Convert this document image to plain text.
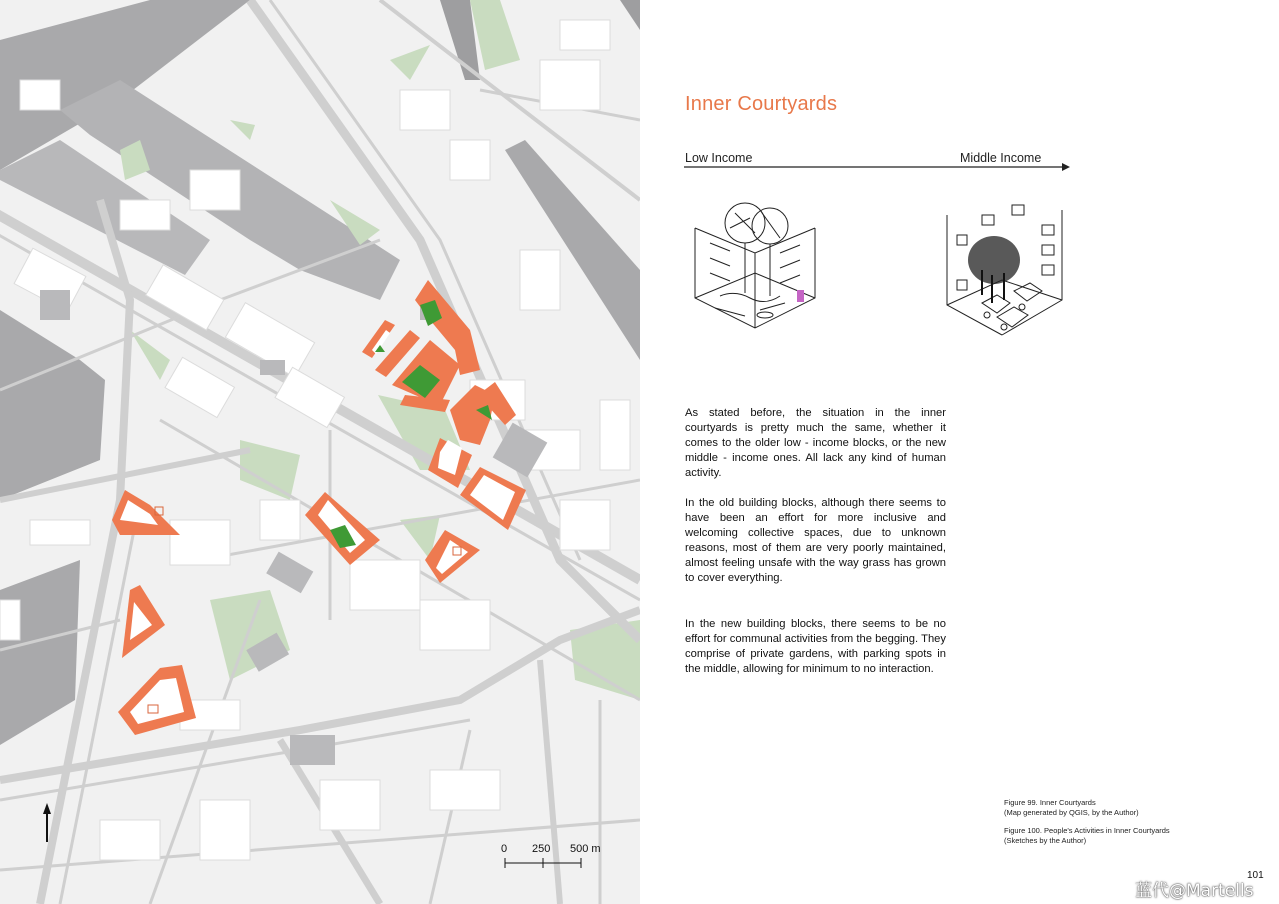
0 250 500 m
Inner Courtyards
Low Income	Middle Income

As stated before, the situation in the inner courtyards is pretty much the same, whether it comes to the older low - income blocks, or the new middle - income ones. All lack any kind of human activity.

In the old building blocks, although there seems to have been an effort for more inclusive and welcoming collective spaces, due to unknown reasons, most of them are very poorly maintained, almost feeling unsafe with the way grass has grown to cover everything.

In the new building blocks, there seems to be no effort for communal activities from the begging. They comprise of private gardens, with parking spots in the middle, allowing for minimum to no interaction.

Figure 99. Inner Courtyards
(Map generated by QGIS, by the Author)
Figure 100. People's Activities in Inner Courtyards
(Sketches by the Author)
101
蓝代@Martells
